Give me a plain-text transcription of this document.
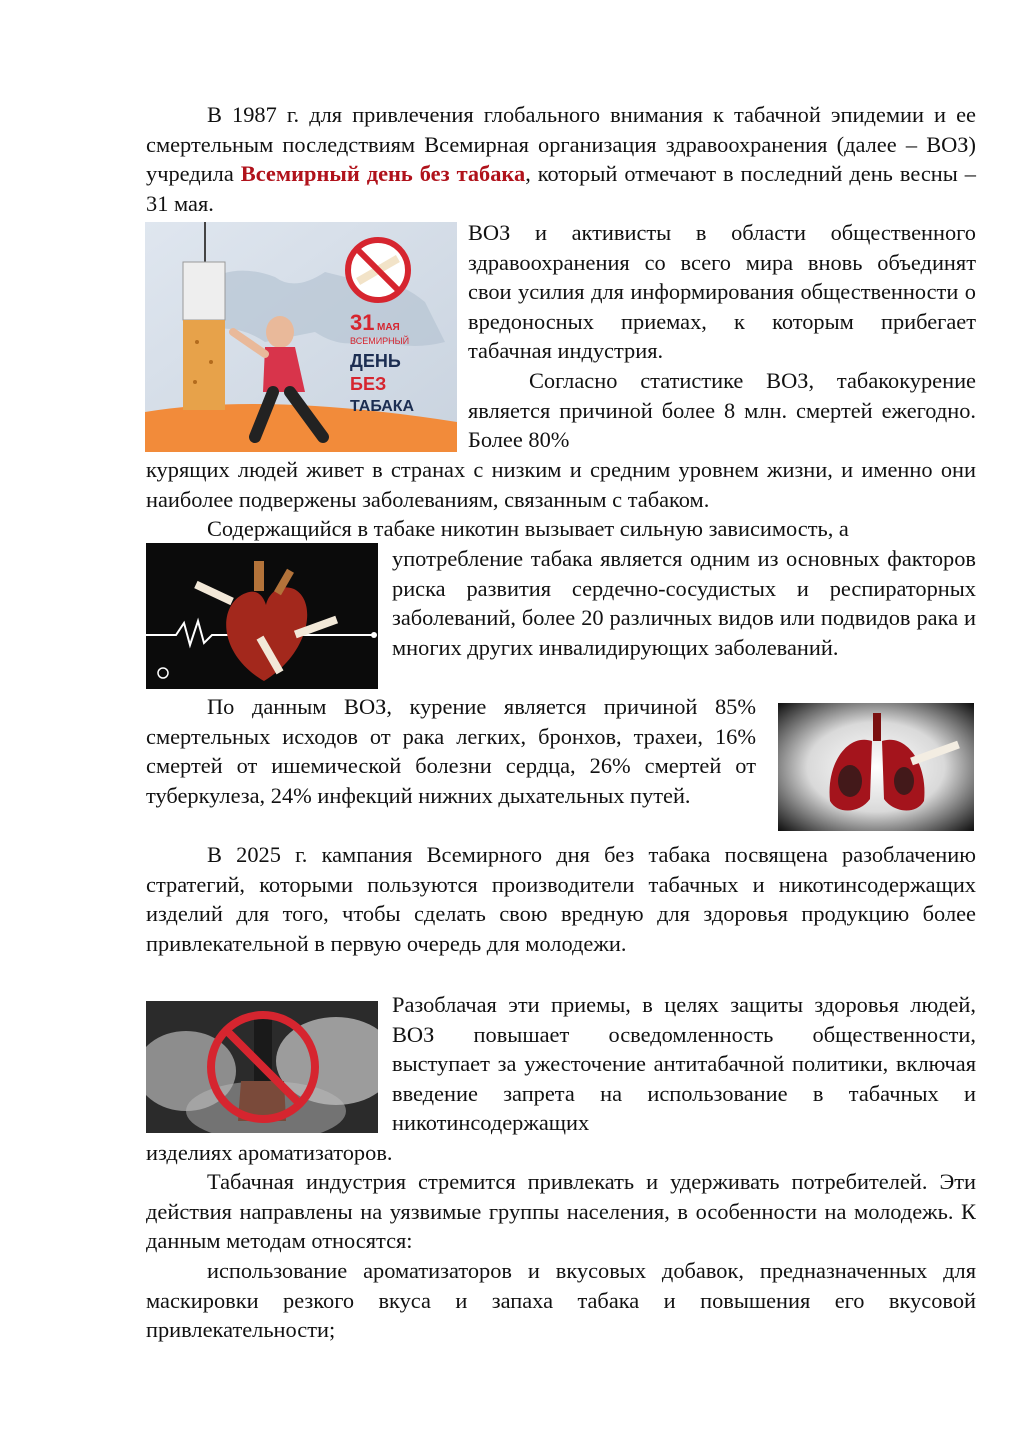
В 1987 г. для привлечения глобального внимания к табачной эпидемии и ее смертельным последствиям Всемирная организация здравоохранения (далее – ВОЗ) учредила Всемирный день без табака, который отмечают в последний день весны – 31 мая.

31 МАЯ
ВСЕМИРНЫЙ
ДЕНЬ
БЕЗ
ТАБАКА

ВОЗ и активисты в области общественного здравоохранения со всего мира вновь объединят свои усилия для информирования общественности о вредоносных приемах, к которым прибегает табачная индустрия.

Согласно статистике ВОЗ, табакокурение является причиной более 8 млн. смертей ежегодно. Более 80%

курящих людей живет в странах с низким и средним уровнем жизни, и именно они наиболее подвержены заболеваниям, связанным с табаком.

Содержащийся в табаке никотин вызывает сильную зависимость, а

употребление табака является одним из основных факторов риска развития сердечно-сосудистых и респираторных заболеваний, более 20 различных видов или подвидов рака и многих других инвалидирующих заболеваний.

По данным ВОЗ, курение является причиной 85% смертельных исходов от рака легких, бронхов, трахеи, 16% смертей от ишемической болезни сердца, 26% смертей от туберкулеза, 24% инфекций нижних дыхательных путей.

В 2025 г. кампания Всемирного дня без табака посвящена разоблачению стратегий, которыми пользуются производители табачных и никотинсодержащих изделий для того, чтобы сделать свою вредную для здоровья продукцию более привлекательной в первую очередь для молодежи.

Разоблачая эти приемы, в целях защиты здоровья людей, ВОЗ повышает осведомленность общественности, выступает за ужесточение антитабачной политики, включая введение запрета на использование в табачных и никотинсодержащих

изделиях ароматизаторов.

Табачная индустрия стремится привлекать и удерживать потребителей. Эти действия направлены на уязвимые группы населения, в особенности на молодежь. К данным методам относятся:

использование ароматизаторов и вкусовых добавок, предназначенных для маскировки резкого вкуса и запаха табака и повышения его вкусовой привлекательности;
